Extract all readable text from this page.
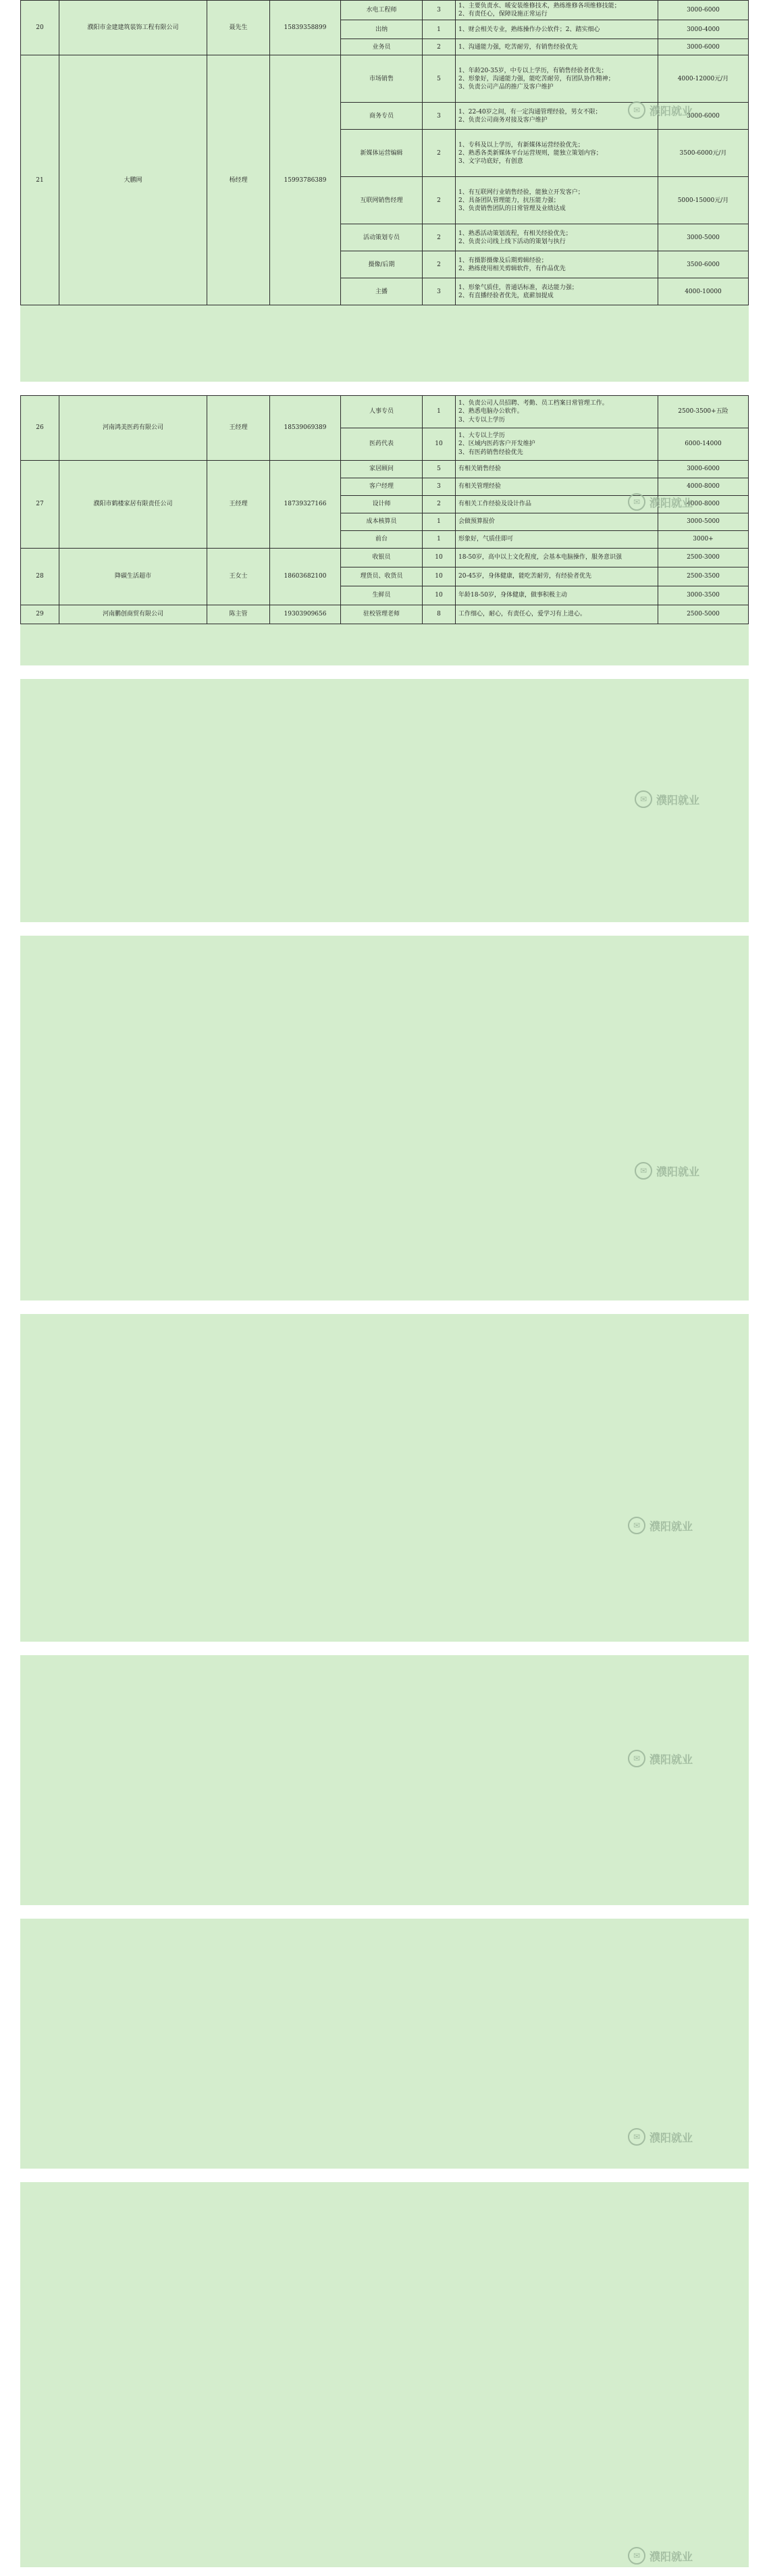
20	濮阳市金建建筑装饰工程有限公司	聂先生	15839358899	水电工程师	3	1、主要负责水、暖安装维修技术，熟练维修各项维修技能；
2、有责任心，保障设施正常运行	3000-6000
				出纳	1	1、财会相关专业，熟练操作办公软件；2、踏实细心	3000-4000
				业务员	2	1、沟通能力强，吃苦耐劳，有销售经验优先	3000-6000
21	大鹏网	杨经理	15993786389	市场销售	5	1、年龄20-35岁，中专以上学历，有销售经验者优先；
2、形象好，沟通能力强，能吃苦耐劳，有团队协作精神；
3、负责公司产品的推广及客户维护	4000-12000元/月
				商务专员	3	1、22-40岁之间，有一定沟通管理经验，男女不限；
2、负责公司商务对接及客户维护	3000-6000
				新媒体运营编辑	2	1、专科及以上学历，有新媒体运营经验优先；
2、熟悉各类新媒体平台运营规则，能独立策划内容；
3、文字功底好，有创意	3500-6000元/月
				互联网销售经理	2	1、有互联网行业销售经验，能独立开发客户；
2、具备团队管理能力，抗压能力强；
3、负责销售团队的日常管理及业绩达成	5000-15000元/月
				活动策划专员	2	1、熟悉活动策划流程，有相关经验优先；
2、负责公司线上线下活动的策划与执行	3000-5000
				摄像/后期	2	1、有摄影摄像及后期剪辑经验；
2、熟练使用相关剪辑软件，有作品优先	3500-6000
				主播	3	1、形象气质佳，普通话标准，表达能力强；
2、有直播经验者优先，底薪加提成	4000-10000
26	河南鸿美医药有限公司	王经理	18539069389	人事专员	1	1、负责公司人员招聘、考勤、员工档案日常管理工作。
2、熟悉电脑办公软件。
3、大专以上学历	2500-3500+五险
				医药代表	10	1、大专以上学历
2、区域内医药客户开发维护
3、有医药销售经验优先	6000-14000
27	濮阳市鹤楼家居有限责任公司	王经理	18739327166	家居顾问	5	有相关销售经验	3000-6000
				客户经理	3	有相关管理经验	4000-8000
				设计师	2	有相关工作经验及设计作品	4000-8000
				成本核算员	1	会做预算报价	3000-5000
				前台	1	形象好，气质佳即可	3000+
28	降碳生活超市	王女士	18603682100	收银员	10	18-50岁，高中以上文化程度，会基本电脑操作，服务意识强	2500-3000
				理货员、收货员	10	20-45岁，身体健康，能吃苦耐劳，有经验者优先	2500-3500
				生鲜员	10	年龄18-50岁，身体健康，做事积极主动	3000-3500
29	河南鹏创商贸有限公司	陈主管	19303909656	驻校管理老师	8	工作细心，耐心，有责任心，爱学习有上进心。	2500-5000
✉ 濮阳就业
✉ 濮阳就业
✉ 濮阳就业
✉ 濮阳就业
✉ 濮阳就业
✉ 濮阳就业
✉ 濮阳就业
✉ 濮阳就业
